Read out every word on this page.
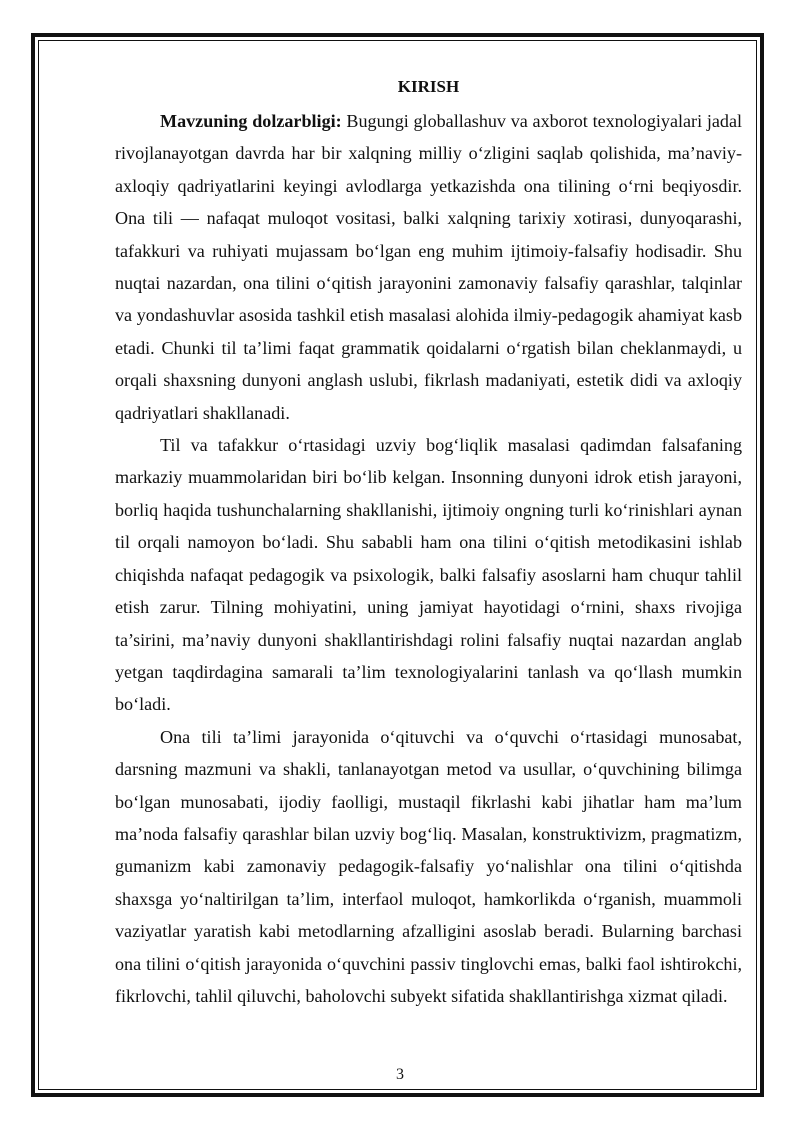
KIRISH

Mavzuning dolzarbligi: Bugungi globallashuv va axborot texnologiyalari jadal rivojlanayotgan davrda har bir xalqning milliy o‘zligini saqlab qolishida, ma’naviy-axloqiy qadriyatlarini keyingi avlodlarga yetkazishda ona tilining o‘rni beqiyosdir. Ona tili — nafaqat muloqot vositasi, balki xalqning tarixiy xotirasi, dunyoqarashi, tafakkuri va ruhiyati mujassam bo‘lgan eng muhim ijtimoiy-falsafiy hodisadir. Shu nuqtai nazardan, ona tilini o‘qitish jarayonini zamonaviy falsafiy qarashlar, talqinlar va yondashuvlar asosida tashkil etish masalasi alohida ilmiy-pedagogik ahamiyat kasb etadi. Chunki til ta’limi faqat grammatik qoidalarni o‘rgatish bilan cheklanmaydi, u orqali shaxsning dunyoni anglash uslubi, fikrlash madaniyati, estetik didi va axloqiy qadriyatlari shakllanadi.

Til va tafakkur o‘rtasidagi uzviy bog‘liqlik masalasi qadimdan falsafaning markaziy muammolaridan biri bo‘lib kelgan. Insonning dunyoni idrok etish jarayoni, borliq haqida tushunchalarning shakllanishi, ijtimoiy ongning turli ko‘rinishlari aynan til orqali namoyon bo‘ladi. Shu sababli ham ona tilini o‘qitish metodikasini ishlab chiqishda nafaqat pedagogik va psixologik, balki falsafiy asoslarni ham chuqur tahlil etish zarur. Tilning mohiyatini, uning jamiyat hayotidagi o‘rnini, shaxs rivojiga ta’sirini, ma’naviy dunyoni shakllantirishdagi rolini falsafiy nuqtai nazardan anglab yetgan taqdirdagina samarali ta’lim texnologiyalarini tanlash va qo‘llash mumkin bo‘ladi.

Ona tili ta’limi jarayonida o‘qituvchi va o‘quvchi o‘rtasidagi munosabat, darsning mazmuni va shakli, tanlanayotgan metod va usullar, o‘quvchining bilimga bo‘lgan munosabati, ijodiy faolligi, mustaqil fikrlashi kabi jihatlar ham ma’lum ma’noda falsafiy qarashlar bilan uzviy bog‘liq. Masalan, konstruktivizm, pragmatizm, gumanizm kabi zamonaviy pedagogik-falsafiy yo‘nalishlar ona tilini o‘qitishda shaxsga yo‘naltirilgan ta’lim, interfaol muloqot, hamkorlikda o‘rganish, muammoli vaziyatlar yaratish kabi metodlarning afzalligini asoslab beradi. Bularning barchasi ona tilini o‘qitish jarayonida o‘quvchini passiv tinglovchi emas, balki faol ishtirokchi, fikrlovchi, tahlil qiluvchi, baholovchi subyekt sifatida shakllantirishga xizmat qiladi.

3
